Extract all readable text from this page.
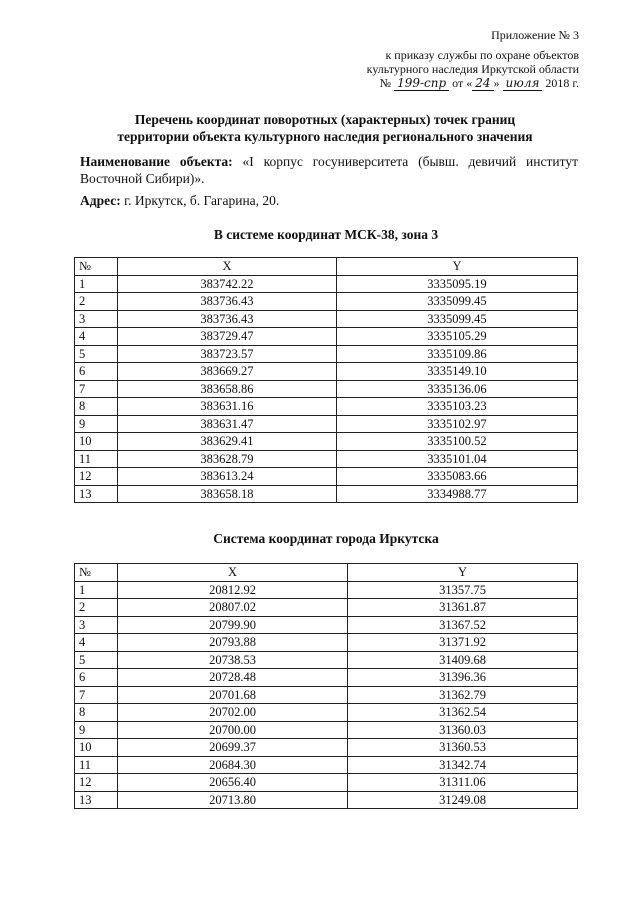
Приложение № 3
к приказу службы по охране объектов
культурного наследия Иркутской области
№ 199-спр от « 24 » июля 2018 г.
Перечень координат поворотных (характерных) точек границ
территории объекта культурного наследия регионального значения
Наименование объекта: «I корпус госуниверситета (бывш. девичий институт Восточной Сибири)».
Адрес: г. Иркутск, б. Гагарина, 20.
В системе координат МСК-38, зона 3
№	X	Y
1	383742.22	3335095.19
2	383736.43	3335099.45
3	383736.43	3335099.45
4	383729.47	3335105.29
5	383723.57	3335109.86
6	383669.27	3335149.10
7	383658.86	3335136.06
8	383631.16	3335103.23
9	383631.47	3335102.97
10	383629.41	3335100.52
11	383628.79	3335101.04
12	383613.24	3335083.66
13	383658.18	3334988.77
Система координат города Иркутска
№	X	Y
1	20812.92	31357.75
2	20807.02	31361.87
3	20799.90	31367.52
4	20793.88	31371.92
5	20738.53	31409.68
6	20728.48	31396.36
7	20701.68	31362.79
8	20702.00	31362.54
9	20700.00	31360.03
10	20699.37	31360.53
11	20684.30	31342.74
12	20656.40	31311.06
13	20713.80	31249.08
